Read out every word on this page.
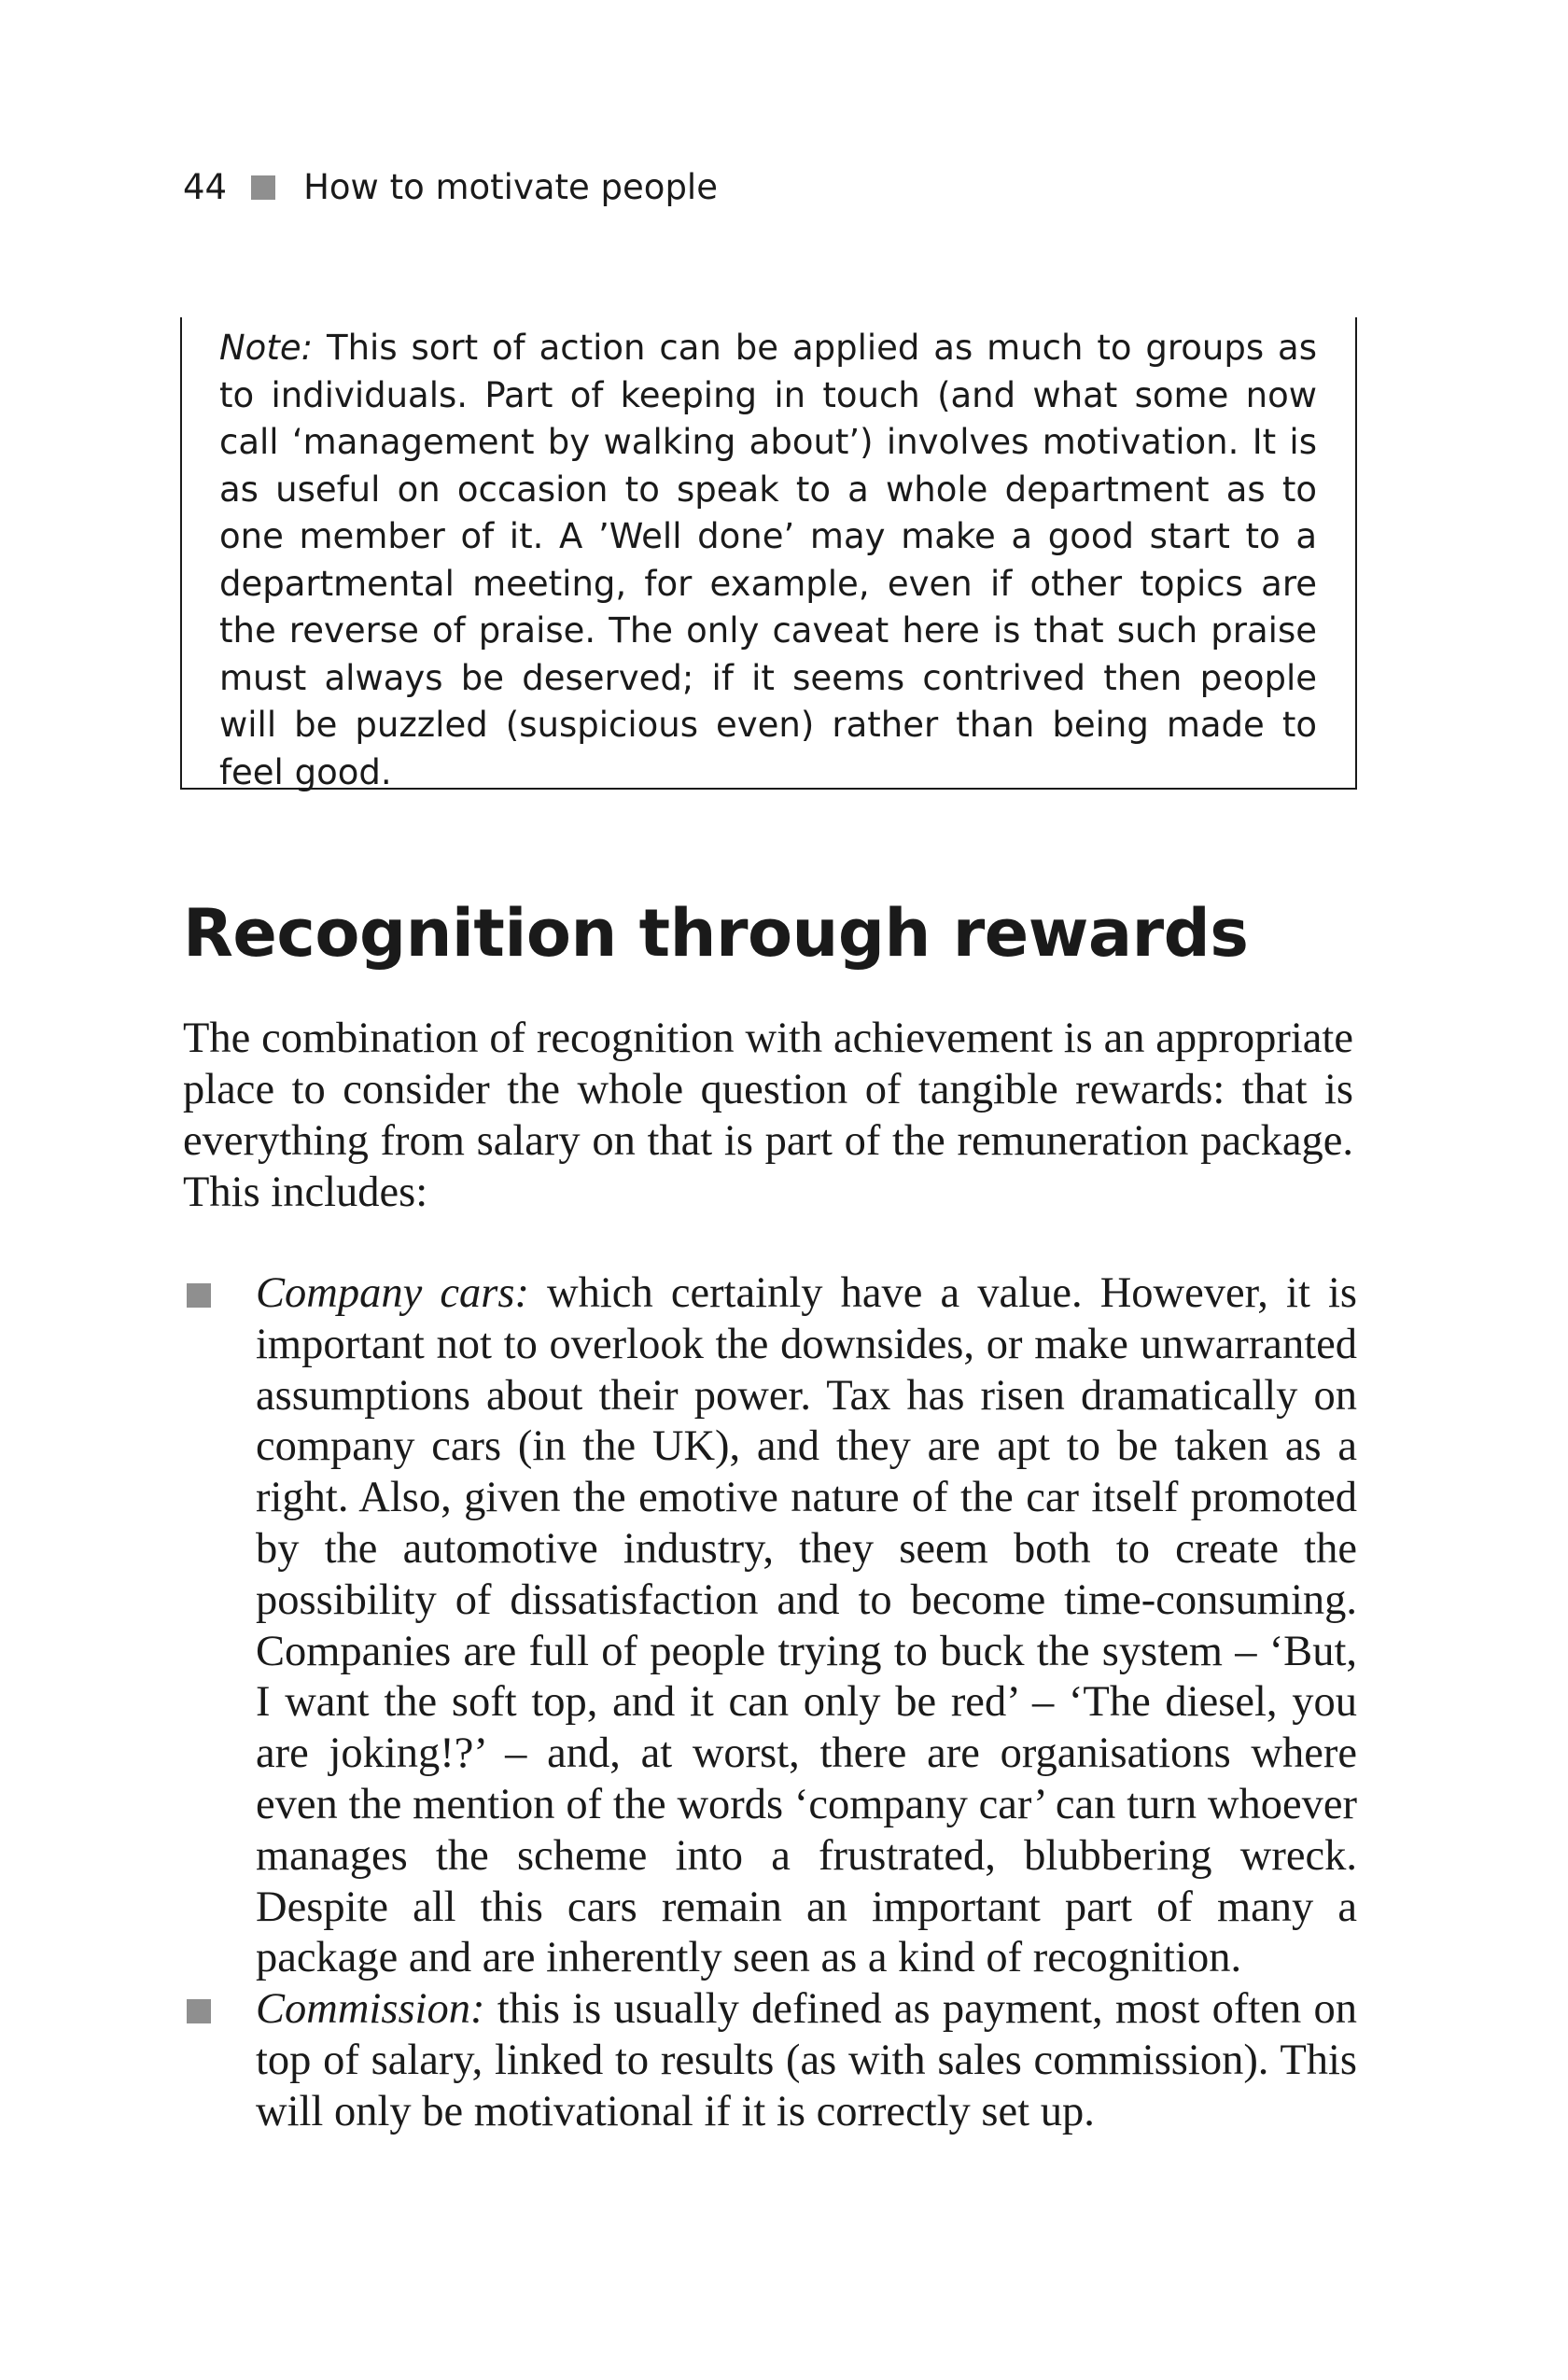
44 How to motivate people

Note: This sort of action can be applied as much to groups as to individuals. Part of keeping in touch (and what some now call ‘management by walking about’) involves motivation. It is as useful on occasion to speak to a whole department as to one member of it. A ’Well done’ may make a good start to a departmental meeting, for example, even if other topics are the reverse of praise. The only caveat here is that such praise must always be deserved; if it seems contrived then people will be puzzled (suspicious even) rather than being made to feel good.

Recognition through rewards

The combination of recognition with achievement is an appropriate place to consider the whole question of tangible rewards: that is everything from salary on that is part of the remuneration package. This includes:

Company cars: which certainly have a value. However, it is important not to overlook the downsides, or make unwarranted assumptions about their power. Tax has risen dramatically on company cars (in the UK), and they are apt to be taken as a right. Also, given the emotive nature of the car itself promoted by the automotive industry, they seem both to create the possibility of dissatisfaction and to become time-consuming. Companies are full of people trying to buck the system – ‘But, I want the soft top, and it can only be red’ – ‘The diesel, you are joking!?’ – and, at worst, there are organisations where even the mention of the words ‘company car’ can turn whoever manages the scheme into a frustrated, blubbering wreck. Despite all this cars remain an important part of many a package and are inherently seen as a kind of recognition.
Commission: this is usually defined as payment, most often on top of salary, linked to results (as with sales commission). This will only be motivational if it is correctly set up.
